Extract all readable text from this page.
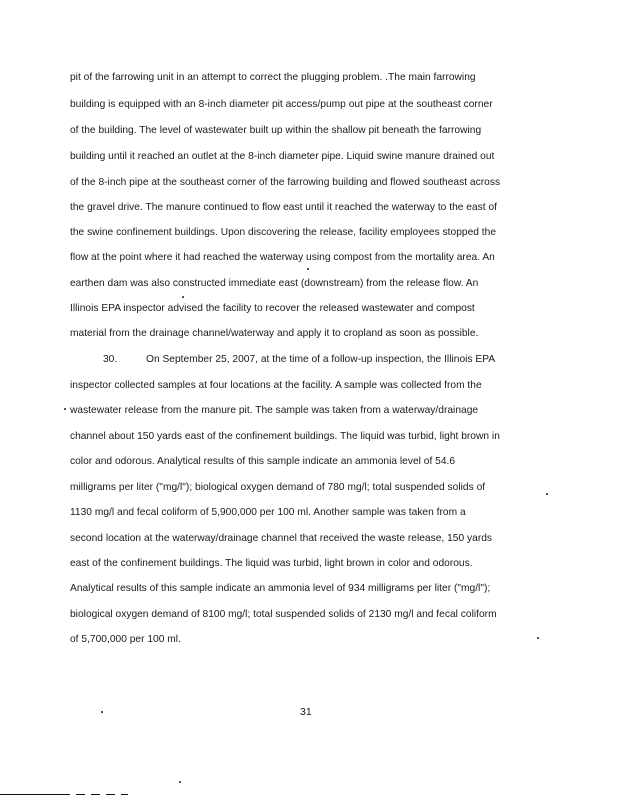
pit of the farrowing unit in an attempt to correct the plugging problem. .The main farrowing
building is equipped with an 8-inch diameter pit access/pump out pipe at the southeast corner
of the building. The level of wastewater built up within the shallow pit beneath the farrowing
building until it reached an outlet at the 8-inch diameter pipe. Liquid swine manure drained out
of the 8-inch pipe at the southeast corner of the farrowing building and flowed southeast across
the gravel drive. The manure continued to flow east until it reached the waterway to the east of
the swine confinement buildings. Upon discovering the release, facility employees stopped the
flow at the point where it had reached the waterway using compost from the mortality area. An
earthen dam was also constructed immediate east (downstream) from the release flow. An
Illinois EPA inspector advised the facility to recover the released wastewater and compost
material from the drainage channel/waterway and apply it to cropland as soon as possible.
30.	On September 25, 2007, at the time of a follow-up inspection, the Illinois EPA
inspector collected samples at four locations at the facility. A sample was collected from the
wastewater release from the manure pit. The sample was taken from a waterway/drainage
channel about 150 yards east of the confinement buildings. The liquid was turbid, light brown in
color and odorous. Analytical results of this sample indicate an ammonia level of 54.6
milligrams per liter ("mg/l"); biological oxygen demand of 780 mg/l; total suspended solids of
1130 mg/l and fecal coliform of 5,900,000 per 100 ml. Another sample was taken from a
second location at the waterway/drainage channel that received the waste release, 150 yards
east of the confinement buildings. The liquid was turbid, light brown in color and odorous.
Analytical results of this sample indicate an ammonia level of 934 milligrams per liter ("mg/l");
biological oxygen demand of 8100 mg/l; total suspended solids of 2130 mg/l and fecal coliform
of 5,700,000 per 100 ml.
31
